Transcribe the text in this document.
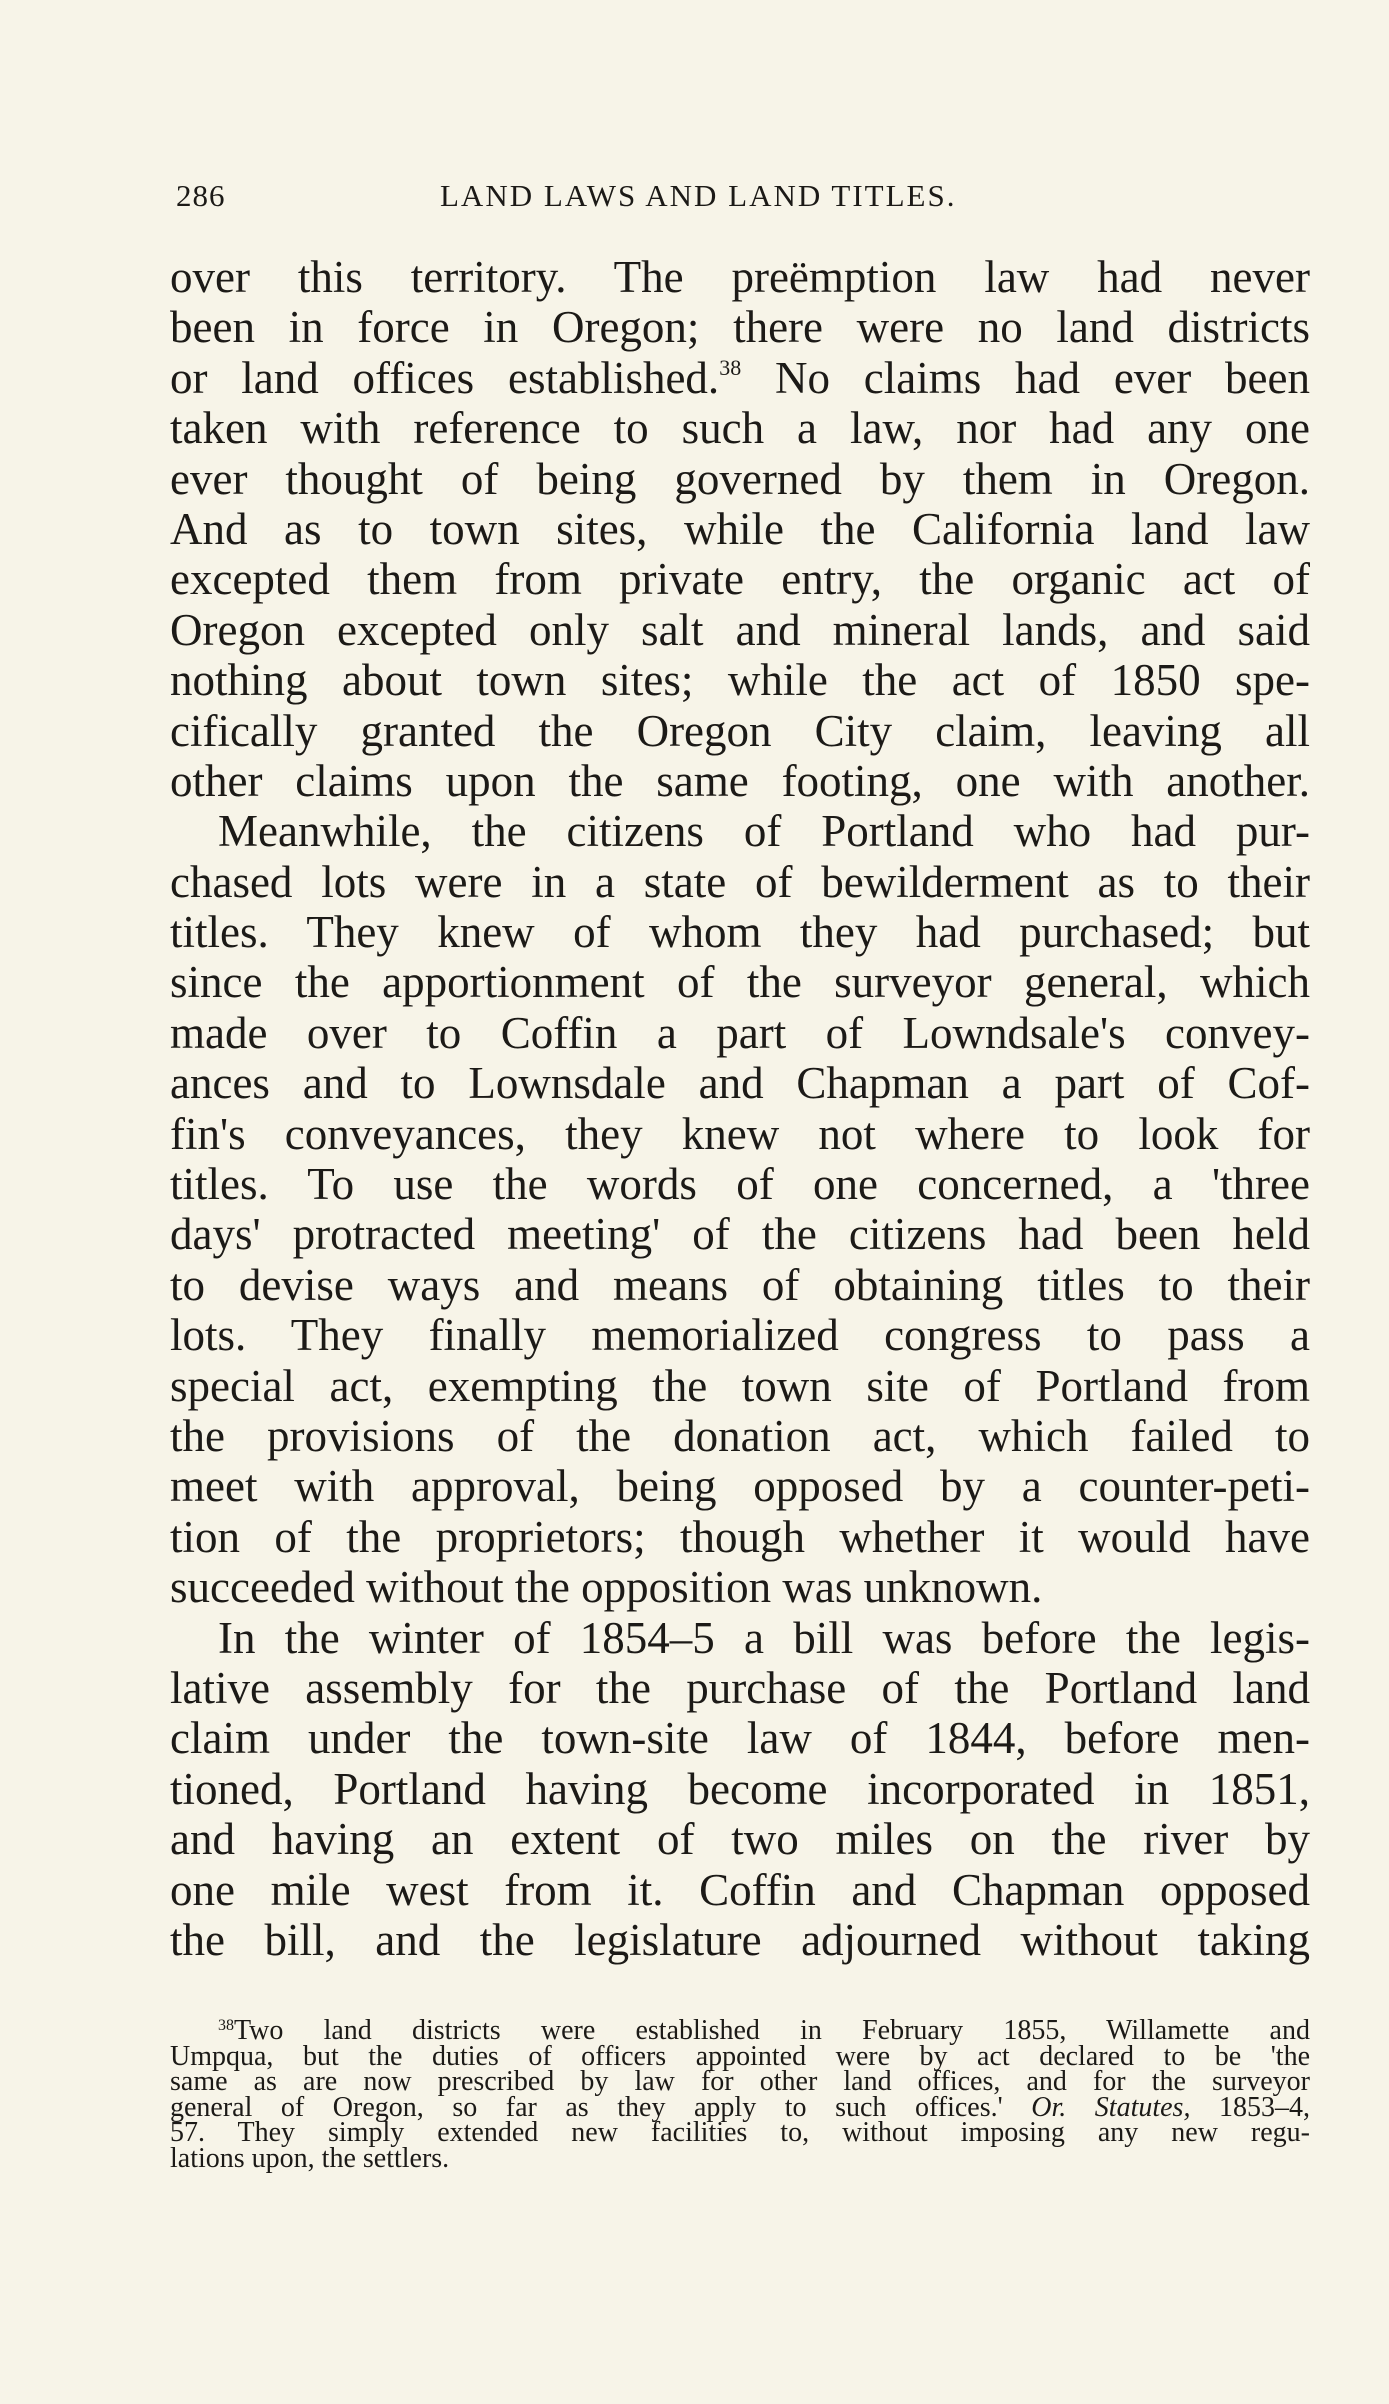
286	LAND LAWS AND LAND TITLES.
over this territory. The preëmption law had never
been in force in Oregon; there were no land districts
or land offices established.$^{38}$ No claims had ever been
taken with reference to such a law, nor had any one
ever thought of being governed by them in Oregon.
And as to town sites, while the California land law
excepted them from private entry, the organic act of
Oregon excepted only salt and mineral lands, and said
nothing about town sites; while the act of 1850 spe-
cifically granted the Oregon City claim, leaving all
other claims upon the same footing, one with another.
Meanwhile, the citizens of Portland who had pur-
chased lots were in a state of bewilderment as to their
titles. They knew of whom they had purchased; but
since the apportionment of the surveyor general, which
made over to Coffin a part of Lowndsale's convey-
ances and to Lownsdale and Chapman a part of Cof-
fin's conveyances, they knew not where to look for
titles. To use the words of one concerned, a 'three
days' protracted meeting' of the citizens had been held
to devise ways and means of obtaining titles to their
lots. They finally memorialized congress to pass a
special act, exempting the town site of Portland from
the provisions of the donation act, which failed to
meet with approval, being opposed by a counter-peti-
tion of the proprietors; though whether it would have
succeeded without the opposition was unknown.
In the winter of 1854–5 a bill was before the legis-
lative assembly for the purchase of the Portland land
claim under the town-site law of 1844, before men-
tioned, Portland having become incorporated in 1851,
and having an extent of two miles on the river by
one mile west from it. Coffin and Chapman opposed
the bill, and the legislature adjourned without taking
$^{38}$Two land districts were established in February 1855, Willamette and
Umpqua, but the duties of officers appointed were by act declared to be 'the
same as are now prescribed by law for other land offices, and for the surveyor
general of Oregon, so far as they apply to such offices.' Or. Statutes, 1853–4,
57. They simply extended new facilities to, without imposing any new regu-
lations upon, the settlers.
